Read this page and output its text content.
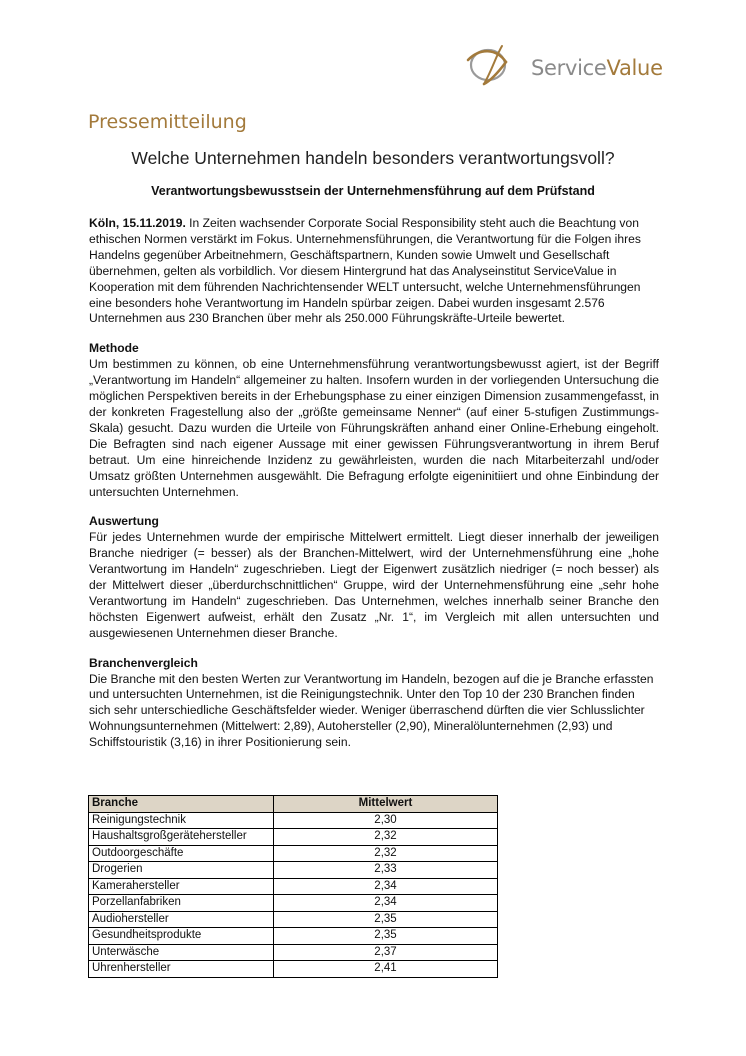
ServiceValue
Pressemitteilung
Welche Unternehmen handeln besonders verantwortungsvoll?
Verantwortungsbewusstsein der Unternehmensführung auf dem Prüfstand

Köln, 15.11.2019. In Zeiten wachsender Corporate Social Responsibility steht auch die Beachtung von ethischen Normen verstärkt im Fokus. Unternehmensführungen, die Verantwortung für die Folgen ihres Handelns gegenüber Arbeitnehmern, Geschäftspartnern, Kunden sowie Umwelt und Gesellschaft übernehmen, gelten als vorbildlich. Vor diesem Hintergrund hat das Analyseinstitut ServiceValue in Kooperation mit dem führenden Nachrichtensender WELT untersucht, welche Unternehmensführungen eine besonders hohe Verantwortung im Handeln spürbar zeigen. Dabei wurden insgesamt 2.576 Unternehmen aus 230 Branchen über mehr als 250.000 Führungskräfte-Urteile bewertet.

Methode

Um bestimmen zu können, ob eine Unternehmensführung verantwortungsbewusst agiert, ist der Begriff „Verantwortung im Handeln“ allgemeiner zu halten. Insofern wurden in der vorliegenden Untersuchung die möglichen Perspektiven bereits in der Erhebungsphase zu einer einzigen Dimension zusammengefasst, in der konkreten Fragestellung also der „größte gemeinsame Nenner“ (auf einer 5-stufigen Zustimmungs-Skala) gesucht. Dazu wurden die Urteile von Führungskräften anhand einer Online-Erhebung eingeholt. Die Befragten sind nach eigener Aussage mit einer gewissen Führungsverantwortung in ihrem Beruf betraut. Um eine hinreichende Inzidenz zu gewährleisten, wurden die nach Mitarbeiterzahl und/oder Umsatz größten Unternehmen ausgewählt. Die Befragung erfolgte eigeninitiiert und ohne Einbindung der untersuchten Unternehmen.

Auswertung

Für jedes Unternehmen wurde der empirische Mittelwert ermittelt. Liegt dieser innerhalb der jeweiligen Branche niedriger (= besser) als der Branchen-Mittelwert, wird der Unternehmensführung eine „hohe Verantwortung im Handeln“ zugeschrieben. Liegt der Eigenwert zusätzlich niedriger (= noch besser) als der Mittelwert dieser „überdurchschnittlichen“ Gruppe, wird der Unternehmensführung eine „sehr hohe Verantwortung im Handeln“ zugeschrieben. Das Unternehmen, welches innerhalb seiner Branche den höchsten Eigenwert aufweist, erhält den Zusatz „Nr. 1“, im Vergleich mit allen untersuchten und ausgewiesenen Unternehmen dieser Branche.

Branchenvergleich

Die Branche mit den besten Werten zur Verantwortung im Handeln, bezogen auf die je Branche erfassten und untersuchten Unternehmen, ist die Reinigungstechnik. Unter den Top 10 der 230 Branchen finden sich sehr unterschiedliche Geschäftsfelder wieder. Weniger überraschend dürften die vier Schlusslichter Wohnungsunternehmen (Mittelwert: 2,89), Autohersteller (2,90), Mineralölunternehmen (2,93) und Schiffstouristik (3,16) in ihrer Positionierung sein.

Branche	Mittelwert
Reinigungstechnik	2,30
Haushaltsgroßgerätehersteller	2,32
Outdoorgeschäfte	2,32
Drogerien	2,33
Kamerahersteller	2,34
Porzellanfabriken	2,34
Audiohersteller	2,35
Gesundheitsprodukte	2,35
Unterwäsche	2,37
Uhrenhersteller	2,41
